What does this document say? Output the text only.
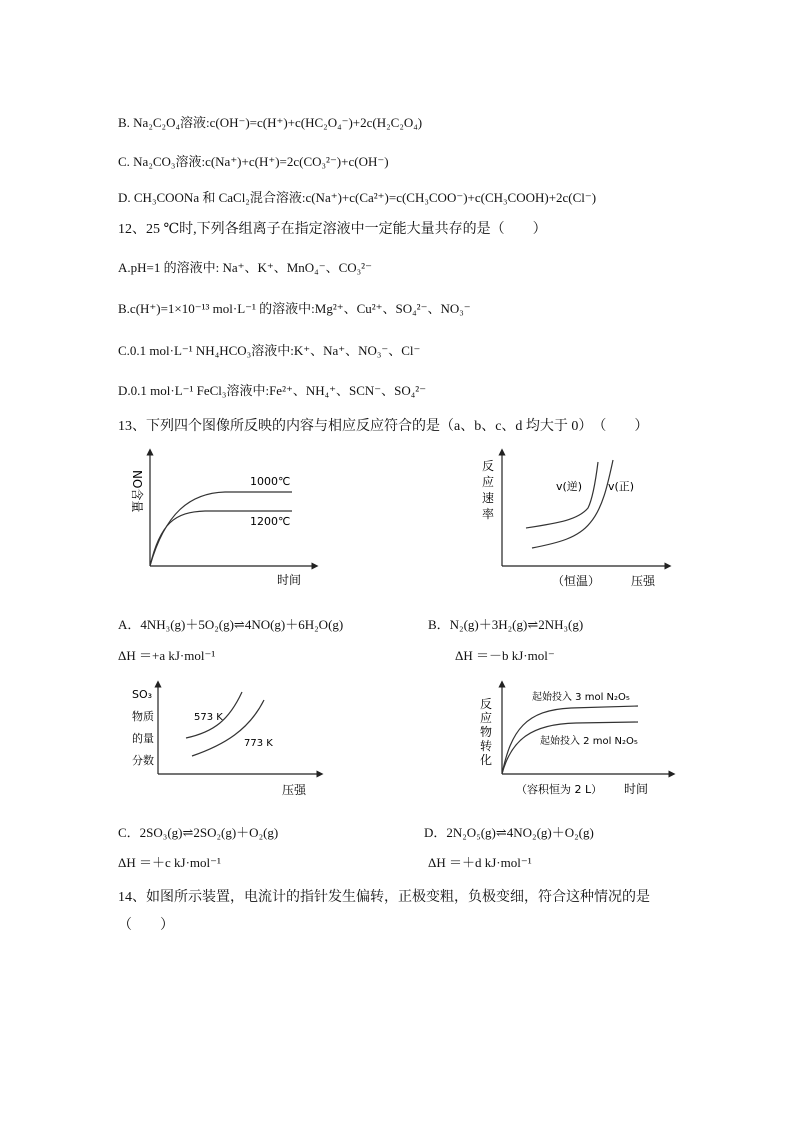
B. Na₂C₂O₄溶液:c(OH⁻)=c(H⁺)+c(HC₂O₄⁻)+2c(H₂C₂O₄)
C. Na₂CO₃溶液:c(Na⁺)+c(H⁺)=2c(CO₃²⁻)+c(OH⁻)
D. CH₃COONa 和 CaCl₂混合溶液:c(Na⁺)+c(Ca²⁺)=c(CH₃COO⁻)+c(CH₃COOH)+2c(Cl⁻)
12、25 ℃时,下列各组离子在指定溶液中一定能大量共存的是（　　）
A.pH=1 的溶液中: Na⁺、K⁺、MnO₄⁻、CO₃²⁻
B.c(H⁺)=1×10⁻¹³ mol·L⁻¹ 的溶液中:Mg²⁺、Cu²⁺、SO₄²⁻、NO₃⁻
C.0.1 mol·L⁻¹ NH₄HCO₃溶液中:K⁺、Na⁺、NO₃⁻、Cl⁻
D.0.1 mol·L⁻¹ FeCl₃溶液中:Fe²⁺、NH₄⁺、SCN⁻、SO₄²⁻
13、下列四个图像所反映的内容与相应反应符合的是（a、b、c、d 均大于 0）　（　　）
NO含量
时间
1000℃
1200℃
反
应
速
率
（恒温）	压强
v(逆) v(正)
A．4NH₃(g)＋5O₂(g)⇌4NO(g)＋6H₂O(g)
ΔH ＝+a kJ·mol⁻¹
B．N₂(g)＋3H₂(g)⇌2NH₃(g)
ΔH ＝－b kJ·mol⁻
SO₃
物质
的量
分数
压强
573 K
773 K
反
应
物
转
化
（容积恒为 2 L） 时间
起始投入 3 mol N₂O₅
起始投入 2 mol N₂O₅
C．2SO₃(g)⇌2SO₂(g)＋O₂(g)
ΔH ＝＋c kJ·mol⁻¹
D．2N₂O₅(g)⇌4NO₂(g)＋O₂(g)
ΔH ＝＋d kJ·mol⁻¹
14、如图所示装置，电流计的指针发生偏转，正极变粗，负极变细，符合这种情况的是
（　　）
